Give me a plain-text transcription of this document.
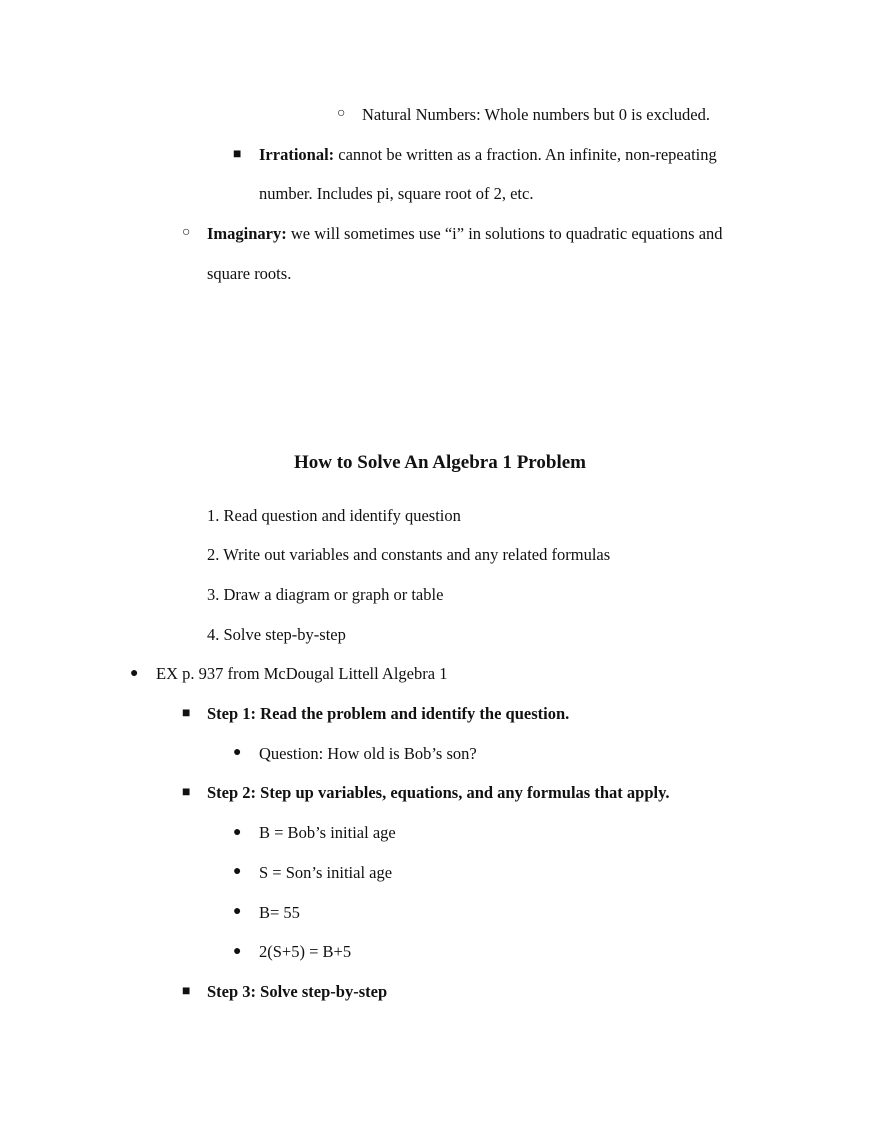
○ Natural Numbers: Whole numbers but 0 is excluded.
■ Irrational: cannot be written as a fraction. An infinite, non-repeating
number. Includes pi, square root of 2, etc.
○ Imaginary: we will sometimes use “i” in solutions to quadratic equations and
square roots.
How to Solve An Algebra 1 Problem
1. Read question and identify question
2. Write out variables and constants and any related formulas
3. Draw a diagram or graph or table
4. Solve step-by-step
● EX p. 937 from McDougal Littell Algebra 1
■ Step 1: Read the problem and identify the question.
● Question: How old is Bob’s son?
■ Step 2: Step up variables, equations, and any formulas that apply.
● B = Bob’s initial age
● S = Son’s initial age
● B= 55
● 2(S+5) = B+5
■ Step 3: Solve step-by-step
